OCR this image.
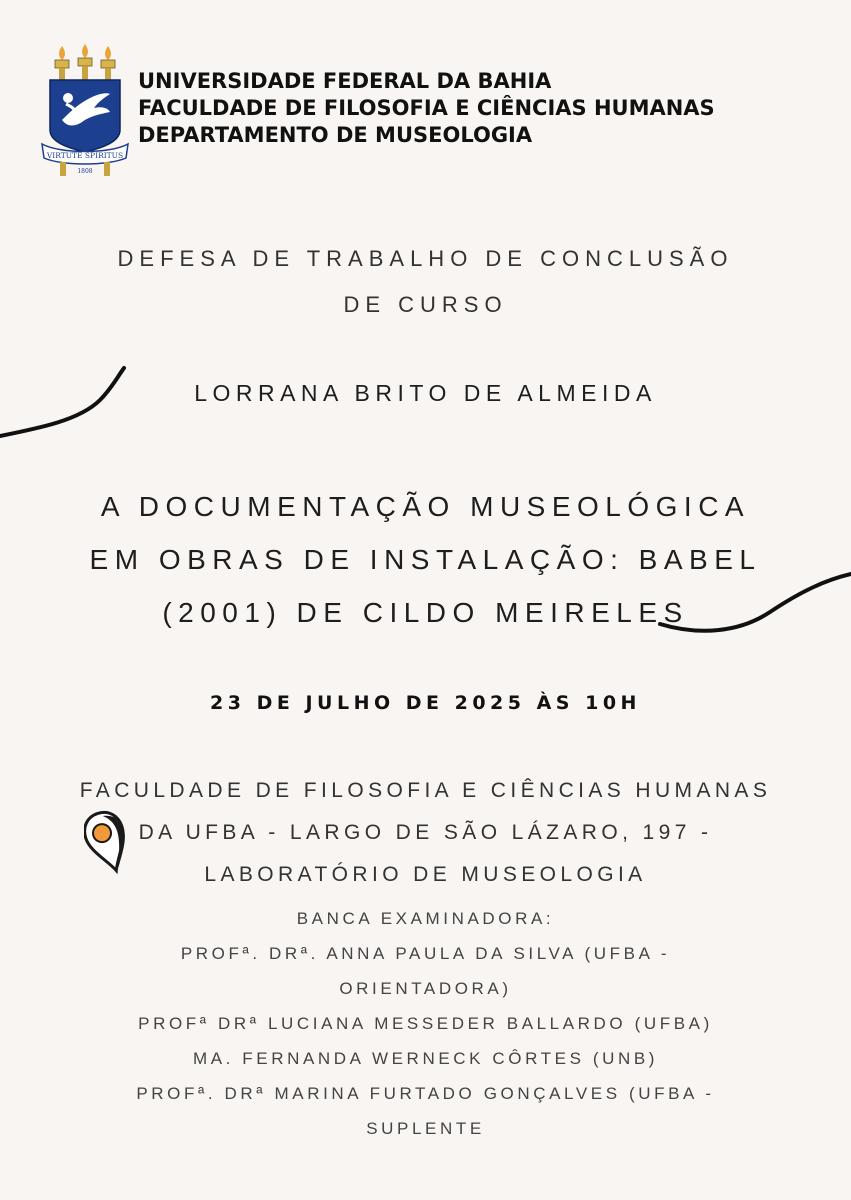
VIRTUTE SPIRITUS
1808
UNIVERSIDADE FEDERAL DA BAHIA
FACULDADE DE FILOSOFIA E CIÊNCIAS HUMANAS
DEPARTAMENTO DE MUSEOLOGIA
DEFESA DE TRABALHO DE CONCLUSÃO
DE CURSO
LORRANA BRITO DE ALMEIDA
A DOCUMENTAÇÃO MUSEOLÓGICA
EM OBRAS DE INSTALAÇÃO: BABEL
(2001) DE CILDO MEIRELES
23 DE JULHO DE 2025 ÀS 10H
FACULDADE DE FILOSOFIA E CIÊNCIAS HUMANAS
DA UFBA - LARGO DE SÃO LÁZARO, 197 -
LABORATÓRIO DE MUSEOLOGIA
BANCA EXAMINADORA:
PROFª. DRª. ANNA PAULA DA SILVA (UFBA -
ORIENTADORA)
PROFª DRª LUCIANA MESSEDER BALLARDO (UFBA)
MA. FERNANDA WERNECK CÔRTES (UNB)
PROFª. DRª MARINA FURTADO GONÇALVES (UFBA -
SUPLENTE
